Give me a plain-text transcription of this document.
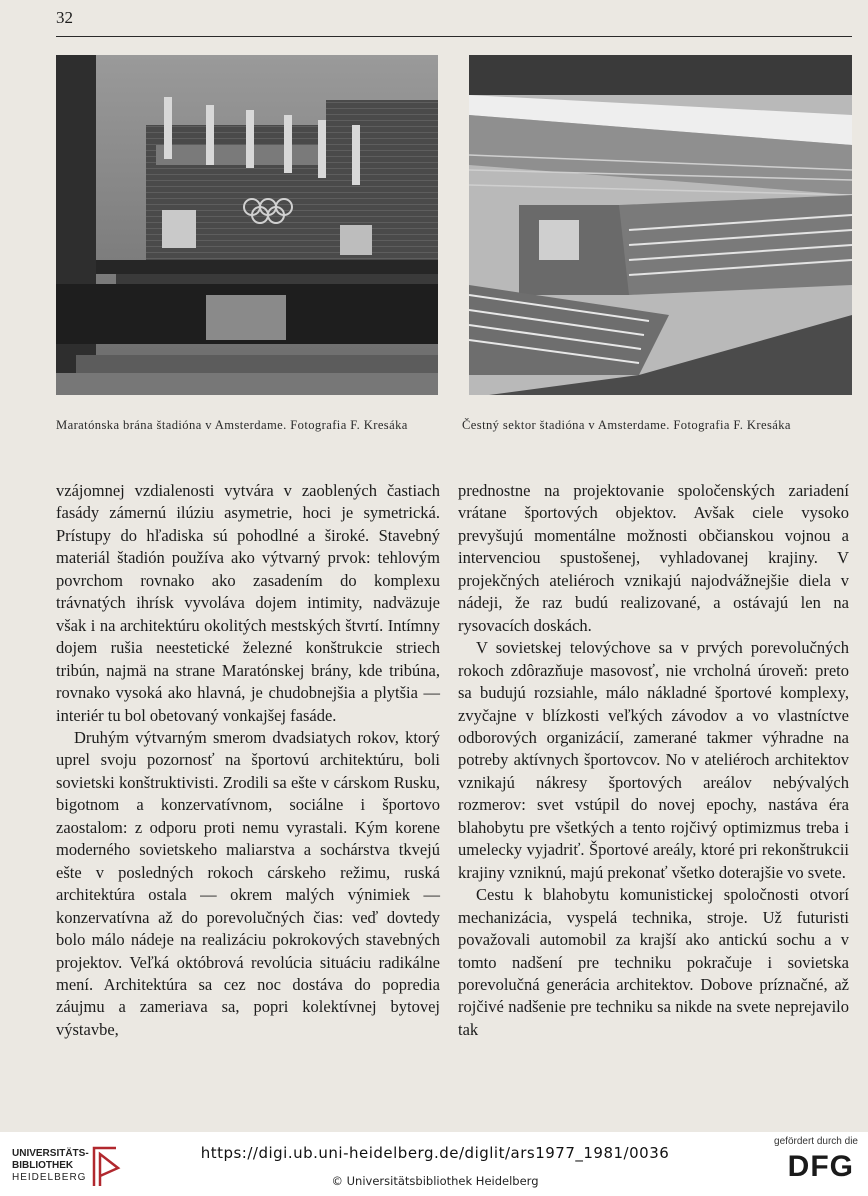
32
Maratónska brána štadióna v Amsterdame. Fotografia F. Kresáka	Čestný sektor štadióna v Amsterdame. Fotografia F. Kresáka

vzájomnej vzdialenosti vytvára v zaoblených častiach fasády zámernú ilúziu asymetrie, hoci je symetrická. Prístupy do hľadiska sú pohodlné a široké. Stavebný materiál štadión používa ako výtvarný prvok: tehlovým povrchom rovnako ako zasadením do komplexu trávnatých ihrísk vyvoláva dojem intimity, nadväzuje však i na architektúru okolitých mestských štvrtí. Intímny dojem rušia neestetické železné konštrukcie striech tribún, najmä na strane Maratónskej brány, kde tribúna, rovnako vysoká ako hlavná, je chudobnejšia a plytšia — interiér tu bol obetovaný vonkajšej fasáde.

Druhým výtvarným smerom dvadsiatych rokov, ktorý uprel svoju pozornosť na športovú architektúru, boli sovietski konštruktivisti. Zrodili sa ešte v cárskom Rusku, bigotnom a konzervatívnom, sociálne i športovo zaostalom: z odporu proti nemu vyrastali. Kým korene moderného sovietskeho maliarstva a sochárstva tkvejú ešte v posledných rokoch cárskeho režimu, ruská architektúra ostala — okrem malých výnimiek — konzervatívna až do porevolučných čias: veď dovtedy bolo málo nádeje na realizáciu pokrokových stavebných projektov. Veľká októbrová revolúcia situáciu radikálne mení. Architektúra sa cez noc dostáva do popredia záujmu a zameriava sa, popri kolektívnej bytovej výstavbe,

prednostne na projektovanie spoločenských zariadení vrátane športových objektov. Avšak ciele vysoko prevyšujú momentálne možnosti občianskou vojnou a intervenciou spustošenej, vyhladovanej krajiny. V projekčných ateliéroch vznikajú najodvážnejšie diela v nádeji, že raz budú realizované, a ostávajú len na rysovacích doskách.

V sovietskej telovýchove sa v prvých porevolučných rokoch zdôrazňuje masovosť, nie vrcholná úroveň: preto sa budujú rozsiahle, málo nákladné športové komplexy, zvyčajne v blízkosti veľkých závodov a vo vlastníctve odborových organizácií, zamerané takmer výhradne na potreby aktívnych športovcov. No v ateliéroch architektov vznikajú nákresy športových areálov nebývalých rozmerov: svet vstúpil do novej epochy, nastáva éra blahobytu pre všetkých a tento rojčivý optimizmus treba i umelecky vyjadriť. Športové areály, ktoré pri rekonštrukcii krajiny vzniknú, majú prekonať všetko doterajšie vo svete.

Cestu k blahobytu komunistickej spoločnosti otvorí mechanizácia, vyspelá technika, stroje. Už futuristi považovali automobil za krajší ako antickú sochu a v tomto nadšení pre techniku pokračuje i sovietska porevolučná generácia architektov. Dobove príznačné, až rojčivé nadšenie pre techniku sa nikde na svete neprejavilo tak

UNIVERSITÄTS-
BIBLIOTHEK
HEIDELBERG
https://digi.ub.uni-heidelberg.de/diglit/ars1977_1981/0036
© Universitätsbibliothek Heidelberg
gefördert durch die
DFG
